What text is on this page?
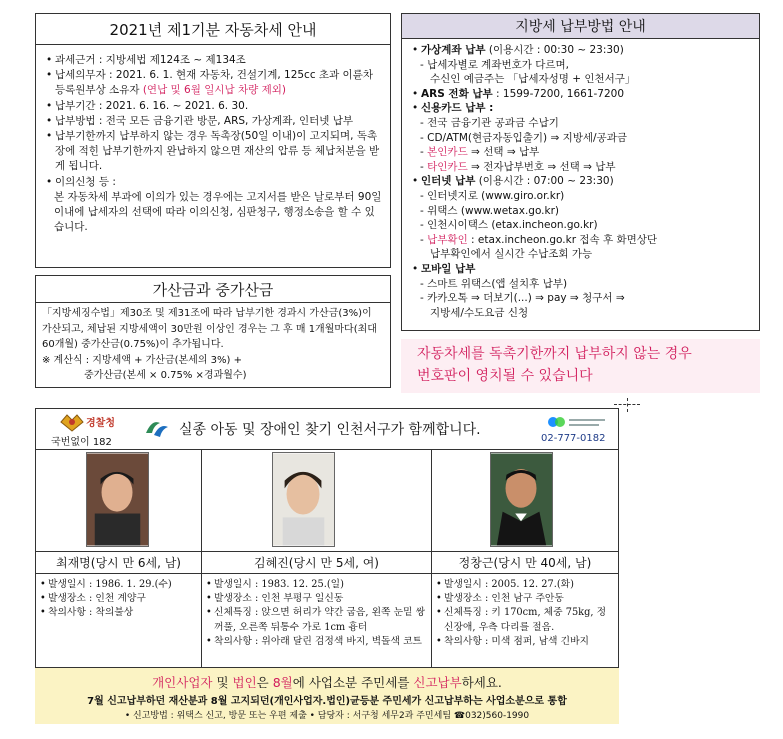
2021년 제1기분 자동차세 안내
• 과세근거 : 지방세법 제124조 ~ 제134조
• 납세의무자 : 2021. 6. 1. 현재 자동차, 건설기계, 125cc 초과 이륜차 등록원부상 소유자 (연납 및 6월 일시납 차량 제외)
• 납부기간 : 2021. 6. 16. ~ 2021. 6. 30.
• 납부방법 : 전국 모든 금융기관 방문, ARS, 가상계좌, 인터넷 납부
• 납부기한까지 납부하지 않는 경우 독촉장(50일 이내)이 고지되며, 독촉장에 적힌 납부기한까지 완납하지 않으면 재산의 압류 등 체납처분을 받게 됩니다.
• 이의신청 등 :
본 자동차세 부과에 이의가 있는 경우에는 고지서를 받은 날로부터 90일 이내에 납세자의 선택에 따라 이의신청, 심판청구, 행정소송을 할 수 있습니다.
가산금과 중가산금
「지방세징수법」제30조 및 제31조에 따라 납부기한 경과시 가산금(3%)이 가산되고, 체납된 지방세액이 30만원 이상인 경우는 그 후 매 1개월마다(최대 60개월) 중가산금(0.75%)이 추가됩니다.
※ 계산식 : 지방세액 + 가산금(본세의 3%) +
중가산금(본세 × 0.75% ×경과월수)
지방세 납부방법 안내
• 가상계좌 납부 (이용시간 : 00:30 ~ 23:30)
- 납세자별로 계좌번호가 다르며,
수신인 예금주는 「납세자성명 + 인천서구」
• ARS 전화 납부 : 1599-7200, 1661-7200
• 신용카드 납부 :
- 전국 금융기관 공과금 수납기
- CD/ATM(현금자동입출기) ⇒ 지방세/공과금
- 본인카드 ⇒ 선택 ⇒ 납부
- 타인카드 ⇒ 전자납부번호 ⇒ 선택 ⇒ 납부
• 인터넷 납부 (이용시간 : 07:00 ~ 23:30)
- 인터넷지로 (www.giro.or.kr)
- 위택스 (www.wetax.go.kr)
- 인천시이택스 (etax.incheon.go.kr)
- 납부확인 : etax.incheon.go.kr 접속 후 화면상단
납부확인에서 실시간 수납조회 가능
• 모바일 납부
- 스마트 위택스(앱 설치후 납부)
- 카카오톡 ⇒ 더보기(...) ⇒ pay ⇒ 청구서 ⇒
지방세/수도요금 신청
자동차세를 독촉기한까지 납부하지 않는 경우
번호판이 영치될 수 있습니다
경찰청
국번없이 182
실종 아동 및 장애인 찾기 인천서구가 함께합니다.
02-777-0182
최재명(당시 만 6세, 남)
• 발생일시 : 1986. 1. 29.(수)
• 발생장소 : 인천 계양구
• 착의사항 : 착의불상
김혜진(당시 만 5세, 여)
• 발생일시 : 1983. 12. 25.(일)
• 발생장소 : 인천 부평구 일신동
• 신체특징 : 앉으면 허리가 약간 굽음, 왼쪽 눈밑 쌍꺼풀, 오른쪽 뒤통수 가로 1cm 흉터
• 착의사항 : 위아래 달린 검정색 바지, 벽돌색 코트
정창근(당시 만 40세, 남)
• 발생일시 : 2005. 12. 27.(화)
• 발생장소 : 인천 남구 주안동
• 신체특징 : 키 170cm, 체중 75kg, 정신장애, 우측 다리를 절음.
• 착의사항 : 미색 점퍼, 남색 긴바지
개인사업자 및 법인은 8월에 사업소분 주민세를 신고납부하세요.
7월 신고납부하던 재산분과 8월 고지되던(개인사업자.법인)균등분 주민세가 신고납부하는 사업소분으로 통합
• 신고방법 : 위택스 신고, 방문 또는 우편 제출 • 담당자 : 서구청 세무2과 주민세팀 ☎032)560-1990
